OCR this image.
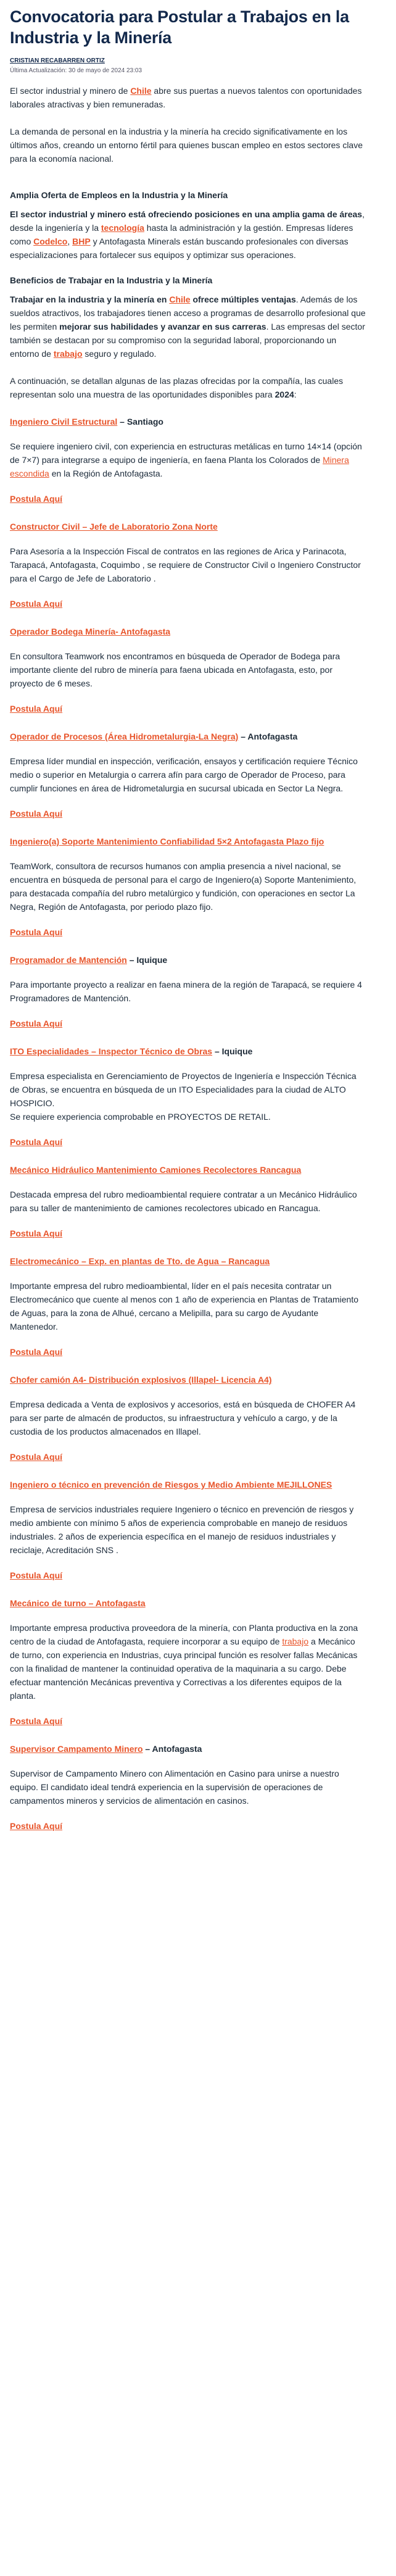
Convocatoria para Postular a Trabajos en la Industria y la Minería
CRISTIAN RECABARREN ORTIZ
Última Actualización: 30 de mayo de 2024 23:03

El sector industrial y minero de Chile abre sus puertas a nuevos talentos con oportunidades laborales atractivas y bien remuneradas.

La demanda de personal en la industria y la minería ha crecido significativamente en los últimos años, creando un entorno fértil para quienes buscan empleo en estos sectores clave para la economía nacional.

Amplia Oferta de Empleos en la Industria y la Minería

El sector industrial y minero está ofreciendo posiciones en una amplia gama de áreas, desde la ingeniería y la tecnología hasta la administración y la gestión. Empresas líderes como Codelco, BHP y Antofagasta Minerals están buscando profesionales con diversas especializaciones para fortalecer sus equipos y optimizar sus operaciones.

Beneficios de Trabajar en la Industria y la Minería

Trabajar en la industria y la minería en Chile ofrece múltiples ventajas. Además de los sueldos atractivos, los trabajadores tienen acceso a programas de desarrollo profesional que les permiten mejorar sus habilidades y avanzar en sus carreras. Las empresas del sector también se destacan por su compromiso con la seguridad laboral, proporcionando un entorno de trabajo seguro y regulado.

A continuación, se detallan algunas de las plazas ofrecidas por la compañía, las cuales representan solo una muestra de las oportunidades disponibles para 2024:

Ingeniero Civil Estructural – Santiago
Se requiere ingeniero civil, con experiencia en estructuras metálicas en turno 14×14 (opción de 7×7) para integrarse a equipo de ingeniería, en faena Planta los Colorados de Minera escondida en la Región de Antofagasta.
Postula Aquí
Constructor Civil – Jefe de Laboratorio Zona Norte
Para Asesoría a la Inspección Fiscal de contratos en las regiones de Arica y Parinacota, Tarapacá, Antofagasta, Coquimbo , se requiere de Constructor Civil o Ingeniero Constructor para el Cargo de Jefe de Laboratorio .
Postula Aquí
Operador Bodega Minería- Antofagasta
En consultora Teamwork nos encontramos en búsqueda de Operador de Bodega para importante cliente del rubro de minería para faena ubicada en Antofagasta, esto, por proyecto de 6 meses.
Postula Aquí
Operador de Procesos (Área Hidrometalurgia-La Negra) – Antofagasta
Empresa líder mundial en inspección, verificación, ensayos y certificación requiere Técnico medio o superior en Metalurgia o carrera afín para cargo de Operador de Proceso, para cumplir funciones en área de Hidrometalurgia en sucursal ubicada en Sector La Negra.
Postula Aquí
Ingeniero(a) Soporte Mantenimiento Confiabilidad 5×2 Antofagasta Plazo fijo
TeamWork, consultora de recursos humanos con amplia presencia a nivel nacional, se encuentra en búsqueda de personal para el cargo de Ingeniero(a) Soporte Mantenimiento, para destacada compañía del rubro metalúrgico y fundición, con operaciones en sector La Negra, Región de Antofagasta, por periodo plazo fijo.
Postula Aquí
Programador de Mantención – Iquique
Para importante proyecto a realizar en faena minera de la región de Tarapacá, se requiere 4 Programadores de Mantención.
Postula Aquí
ITO Especialidades – Inspector Técnico de Obras – Iquique
Empresa especialista en Gerenciamiento de Proyectos de Ingeniería e Inspección Técnica de Obras, se encuentra en búsqueda de un ITO Especialidades para la ciudad de ALTO HOSPICIO.
Se requiere experiencia comprobable en PROYECTOS DE RETAIL.
Postula Aquí
Mecánico Hidráulico Mantenimiento Camiones Recolectores Rancagua
Destacada empresa del rubro medioambiental requiere contratar a un Mecánico Hidráulico para su taller de mantenimiento de camiones recolectores ubicado en Rancagua.
Postula Aquí
Electromecánico – Exp. en plantas de Tto. de Agua – Rancagua
Importante empresa del rubro medioambiental, líder en el país necesita contratar un Electromecánico que cuente al menos con 1 año de experiencia en Plantas de Tratamiento de Aguas, para la zona de Alhué, cercano a Melipilla, para su cargo de Ayudante Mantenedor.
Postula Aquí
Chofer camión A4- Distribución explosivos (Illapel- Licencia A4)
Empresa dedicada a Venta de explosivos y accesorios, está en búsqueda de CHOFER A4 para ser parte de almacén de productos, su infraestructura y vehículo a cargo, y de la custodia de los productos almacenados en Illapel.
Postula Aquí
Ingeniero o técnico en prevención de Riesgos y Medio Ambiente MEJILLONES
Empresa de servicios industriales requiere Ingeniero o técnico en prevención de riesgos y medio ambiente con mínimo 5 años de experiencia comprobable en manejo de residuos industriales. 2 años de experiencia específica en el manejo de residuos industriales y reciclaje, Acreditación SNS .
Postula Aquí
Mecánico de turno – Antofagasta
Importante empresa productiva proveedora de la minería, con Planta productiva en la zona centro de la ciudad de Antofagasta, requiere incorporar a su equipo de trabajo a Mecánico de turno, con experiencia en Industrias, cuya principal función es resolver fallas Mecánicas con la finalidad de mantener la continuidad operativa de la maquinaria a su cargo. Debe efectuar mantención Mecánicas preventiva y Correctivas a los diferentes equipos de la planta.
Postula Aquí
Supervisor Campamento Minero – Antofagasta
Supervisor de Campamento Minero con Alimentación en Casino para unirse a nuestro equipo. El candidato ideal tendrá experiencia en la supervisión de operaciones de campamentos mineros y servicios de alimentación en casinos.
Postula Aquí
